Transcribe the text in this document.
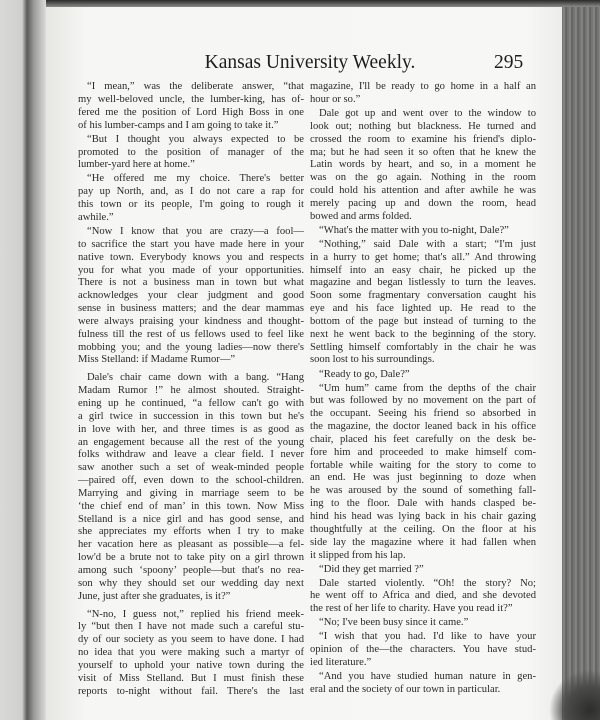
Kansas University Weekly.	295
“I mean,” was the deliberate answer, “that
my well-beloved uncle, the lumber-king, has of-
fered me the position of Lord High Boss in one
of his lumber-camps and I am going to take it.”
“But I thought you always expected to be
promoted to the position of manager of the
lumber-yard here at home.”
“He offered me my choice. There's better
pay up North, and, as I do not care a rap for
this town or its people, I'm going to rough it
awhile.”
“Now I know that you are crazy—a fool—
to sacrifice the start you have made here in your
native town. Everybody knows you and respects
you for what you made of your opportunities.
There is not a business man in town but what
acknowledges your clear judgment and good
sense in business matters; and the dear mammas
were always praising your kindness and thought-
fulness till the rest of us fellows used to feel like
mobbing you; and the young ladies—now there's
Miss Stelland: if Madame Rumor—”
Dale's chair came down with a bang. “Hang
Madam Rumor !” he almost shouted. Straight-
ening up he continued, “a fellow can't go with
a girl twice in succession in this town but he's
in love with her, and three times is as good as
an engagement because all the rest of the young
folks withdraw and leave a clear field. I never
saw another such a set of weak-minded people
—paired off, even down to the school-children.
Marrying and giving in marriage seem to be
‘the chief end of man’ in this town. Now Miss
Stelland is a nice girl and has good sense, and
she appreciates my efforts when I try to make
her vacation here as pleasant as possible—a fel-
low'd be a brute not to take pity on a girl thrown
among such ‘spoony’ people—but that's no rea-
son why they should set our wedding day next
June, just after she graduates, is it?”
“N-no, I guess not,” replied his friend meek-
ly “but then I have not made such a careful stu-
dy of our society as you seem to have done. I had
no idea that you were making such a martyr of
yourself to uphold your native town during the
visit of Miss Stelland. But I must finish these
reports to-night without fail. There's the last
magazine, I'll be ready to go home in a half an
hour or so.”
Dale got up and went over to the window to
look out; nothing but blackness. He turned and
crossed the room to examine his friend's diplo-
ma; but he had seen it so often that he knew the
Latin words by heart, and so, in a moment he
was on the go again. Nothing in the room
could hold his attention and after awhile he was
merely pacing up and down the room, head
bowed and arms folded.
“What's the matter with you to-night, Dale?”
“Nothing,” said Dale with a start; “I'm just
in a hurry to get home; that's all.” And throwing
himself into an easy chair, he picked up the
magazine and began listlessly to turn the leaves.
Soon some fragmentary conversation caught his
eye and his face lighted up. He read to the
bottom of the page but instead of turning to the
next he went back to the beginning of the story.
Settling himself comfortably in the chair he was
soon lost to his surroundings.
“Ready to go, Dale?”
“Um hum” came from the depths of the chair
but was followed by no movement on the part of
the occupant. Seeing his friend so absorbed in
the magazine, the doctor leaned back in his office
chair, placed his feet carefully on the desk be-
fore him and proceeded to make himself com-
fortable while waiting for the story to come to
an end. He was just beginning to doze when
he was aroused by the sound of something fall-
ing to the floor. Dale with hands clasped be-
hind his head was lying back in his chair gazing
thoughtfully at the ceiling. On the floor at his
side lay the magazine where it had fallen when
it slipped from his lap.
“Did they get married ?”
Dale started violently. “Oh! the story? No;
he went off to Africa and died, and she devoted
the rest of her life to charity. Have you read it?”
“No; I've been busy since it came.”
“I wish that you had. I'd like to have your
opinion of the—the characters. You have stud-
ied literature.”
“And you have studied human nature in gen-
eral and the society of our town in particular.
